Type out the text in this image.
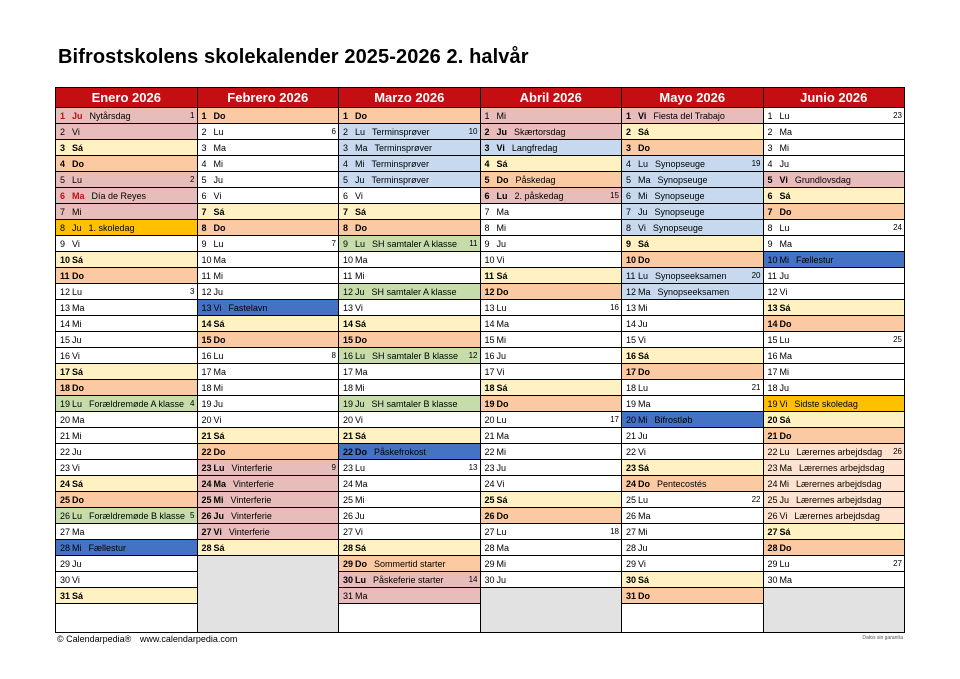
Bifrostskolens skolekalender 2025-2026 2. halvår
Enero 2026
1 Ju Nytårsdag	1
2 Vi
3 Sá
4 Do
5 Lu	2
6 Ma Día de Reyes
7 Mi
8 Ju 1. skoledag
9 Vi
10 Sá
11 Do
12 Lu	3
13 Ma
14 Mi
15 Ju
16 Vi
17 Sá
18 Do
19 Lu Forældremøde A klasse 4
20 Ma
21 Mi
22 Ju
23 Vi
24 Sá
25 Do
26 Lu Forældremøde B klasse 5
27 Ma
28 Mi Fællestur
29 Ju
30 Vi
31 Sá
Febrero 2026
1 Do
2 Lu	6
3 Ma
4 Mi
5 Ju
6 Vi
7 Sá
8 Do
9 Lu	7
10 Ma
11 Mi
12 Ju
13 Vi Fastelavn
14 Sá
15 Do
16 Lu	8
17 Ma
18 Mi
19 Ju
20 Vi
21 Sá
22 Do
23 Lu Vinterferie	9
24 Ma Vinterferie
25 Mi Vinterferie
26 Ju Vinterferie
27 Vi Vinterferie
28 Sá
Marzo 2026
1 Do
2 Lu Terminsprøver	10
3 Ma Terminsprøver
4 Mi Terminsprøver
5 Ju Terminsprøver
6 Vi
7 Sá
8 Do
9 Lu SH samtaler A klasse 11
10 Ma
11 Mi
12 Ju SH samtaler A klasse
13 Vi
14 Sá
15 Do
16 Lu SH samtaler B klasse 12
17 Ma
18 Mi
19 Ju SH samtaler B klasse
20 Vi
21 Sá
22 Do Påskefrokost
23 Lu	13
24 Ma
25 Mi
26 Ju
27 Vi
28 Sá
29 Do Sommertid starter
30 Lu Påskeferie starter	14
31 Ma
Abril 2026
1 Mi
2 Ju Skærtorsdag
3 Vi Langfredag
4 Sá
5 Do Påskedag
6 Lu 2. påskedag	15
7 Ma
8 Mi
9 Ju
10 Vi
11 Sá
12 Do
13 Lu	16
14 Ma
15 Mi
16 Ju
17 Vi
18 Sá
19 Do
20 Lu	17
21 Ma
22 Mi
23 Ju
24 Vi
25 Sá
26 Do
27 Lu	18
28 Ma
29 Mi
30 Ju
Mayo 2026
1 Vi Fiesta del Trabajo
2 Sá
3 Do
4 Lu Synopseuge	19
5 Ma Synopseuge
6 Mi Synopseuge
7 Ju Synopseuge
8 Vi Synopseuge
9 Sá
10 Do
11 Lu Synopseeksamen	20
12 Ma Synopseeksamen
13 Mi
14 Ju
15 Vi
16 Sá
17 Do
18 Lu	21
19 Ma
20 Mi Bifrostløb
21 Ju
22 Vi
23 Sá
24 Do Pentecostés
25 Lu	22
26 Ma
27 Mi
28 Ju
29 Vi
30 Sá
31 Do
Junio 2026
1 Lu	23
2 Ma
3 Mi
4 Ju
5 Vi Grundlovsdag
6 Sá
7 Do
8 Lu	24
9 Ma
10 Mi Fællestur
11 Ju
12 Vi
13 Sá
14 Do
15 Lu	25
16 Ma
17 Mi
18 Ju
19 Vi Sidste skoledag
20 Sá
21 Do
22 Lu Lærernes arbejdsdag 26
23 Ma Lærernes arbejdsdag
24 Mi Lærernes arbejdsdag
25 Ju Lærernes arbejdsdag
26 Vi Lærernes arbejdsdag
27 Sá
28 Do
29 Lu	27
30 Ma
© Calendarpedia® www.calendarpedia.com	Datos sin garantía
